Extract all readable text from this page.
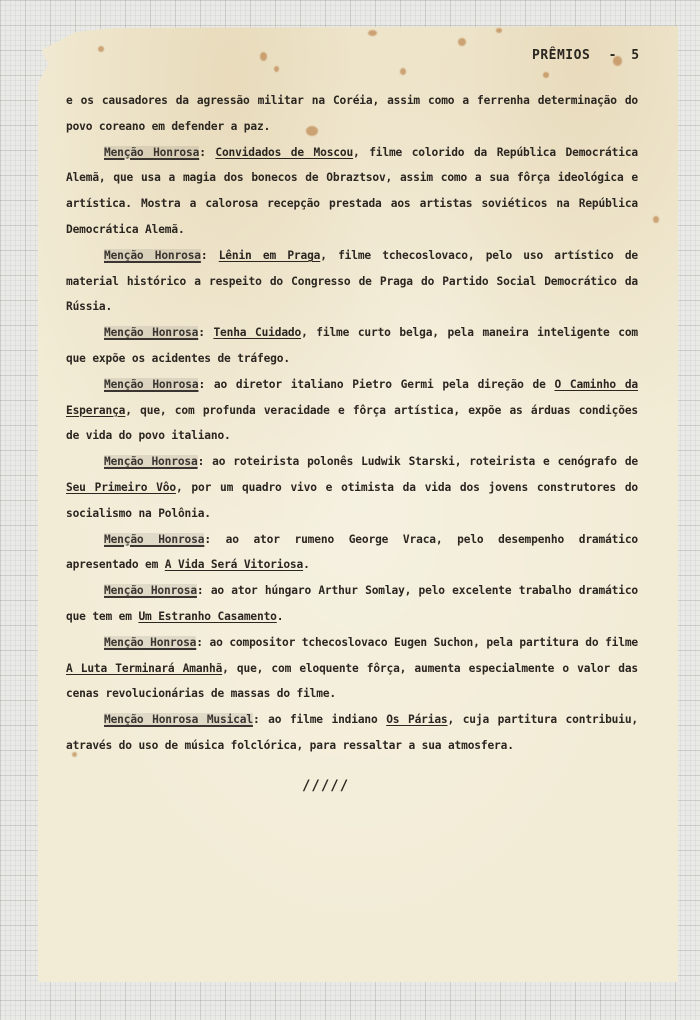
PRÊMIOS - 5

e os causadores da agressão militar na Coréia, assim como a ferrenha determinação do povo coreano em defender a paz.

Menção Honrosa: Convidados de Moscou, filme colorido da República Democrática Alemã, que usa a magia dos bonecos de Obraztsov, assim como a sua fôrça ideológica e artística. Mostra a calorosa recepção prestada aos artistas soviéticos na República Democrática Alemã.

Menção Honrosa: Lênin em Praga, filme tchecoslovaco, pelo uso artístico de material histórico a respeito do Congresso de Praga do Partido Social Democrático da Rússia.

Menção Honrosa: Tenha Cuidado, filme curto belga, pela maneira inteligente com que expõe os acidentes de tráfego.

Menção Honrosa: ao diretor italiano Pietro Germi pela direção de O Caminho da Esperança, que, com profunda veracidade e fôrça artística, expõe as árduas condições de vida do povo italiano.

Menção Honrosa: ao roteirista polonês Ludwik Starski, roteirista e cenógrafo de Seu Primeiro Vôo, por um quadro vivo e otimista da vida dos jovens construtores do socialismo na Polônia.

Menção Honrosa: ao ator rumeno George Vraca, pelo desempenho dramático apresentado em A Vida Será Vitoriosa.

Menção Honrosa: ao ator húngaro Arthur Somlay, pelo excelente trabalho dramático que tem em Um Estranho Casamento.

Menção Honrosa: ao compositor tchecoslovaco Eugen Suchon, pela partitura do filme A Luta Terminará Amanhã, que, com eloquente fôrça, aumenta especialmente o valor das cenas revolucionárias de massas do filme.

Menção Honrosa Musical: ao filme indiano Os Párias, cuja partitura contribuiu, através do uso de música folclórica, para ressaltar a sua atmosfera.

/////
